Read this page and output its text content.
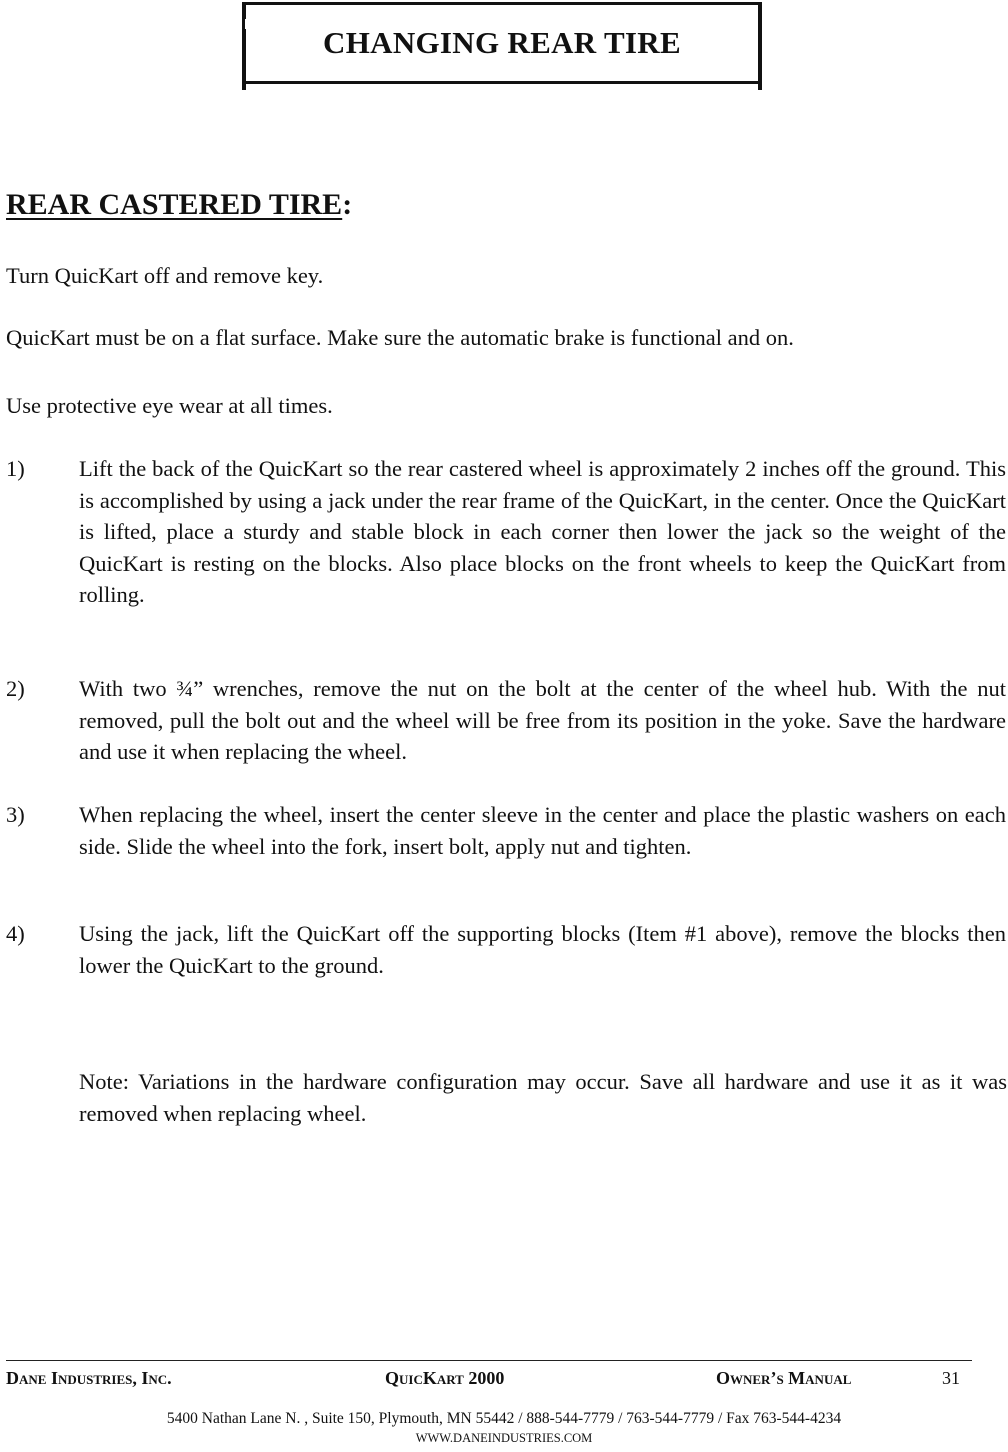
CHANGING REAR TIRE
REAR CASTERED TIRE:
Turn QuicKart off and remove key.
QuicKart must be on a flat surface. Make sure the automatic brake is functional and on.
Use protective eye wear at all times.
1) Lift the back of the QuicKart so the rear castered wheel is approximately 2 inches off the ground. This is accomplished by using a jack under the rear frame of the QuicKart, in the center. Once the QuicKart is lifted, place a sturdy and stable block in each corner then lower the jack so the weight of the QuicKart is resting on the blocks. Also place blocks on the front wheels to keep the QuicKart from rolling.
2) With two ¾” wrenches, remove the nut on the bolt at the center of the wheel hub. With the nut removed, pull the bolt out and the wheel will be free from its position in the yoke. Save the hardware and use it when replacing the wheel.
3) When replacing the wheel, insert the center sleeve in the center and place the plastic washers on each side. Slide the wheel into the fork, insert bolt, apply nut and tighten.
4) Using the jack, lift the QuicKart off the supporting blocks (Item #1 above), remove the blocks then lower the QuicKart to the ground.
Note: Variations in the hardware configuration may occur. Save all hardware and use it as it was removed when replacing wheel.
Dane Industries, Inc.	QuicKart 2000	Owner’s Manual	31
5400 Nathan Lane N. , Suite 150, Plymouth, MN 55442 / 888-544-7779 / 763-544-7779 / Fax 763-544-4234
WWW.DANEINDUSTRIES.COM
